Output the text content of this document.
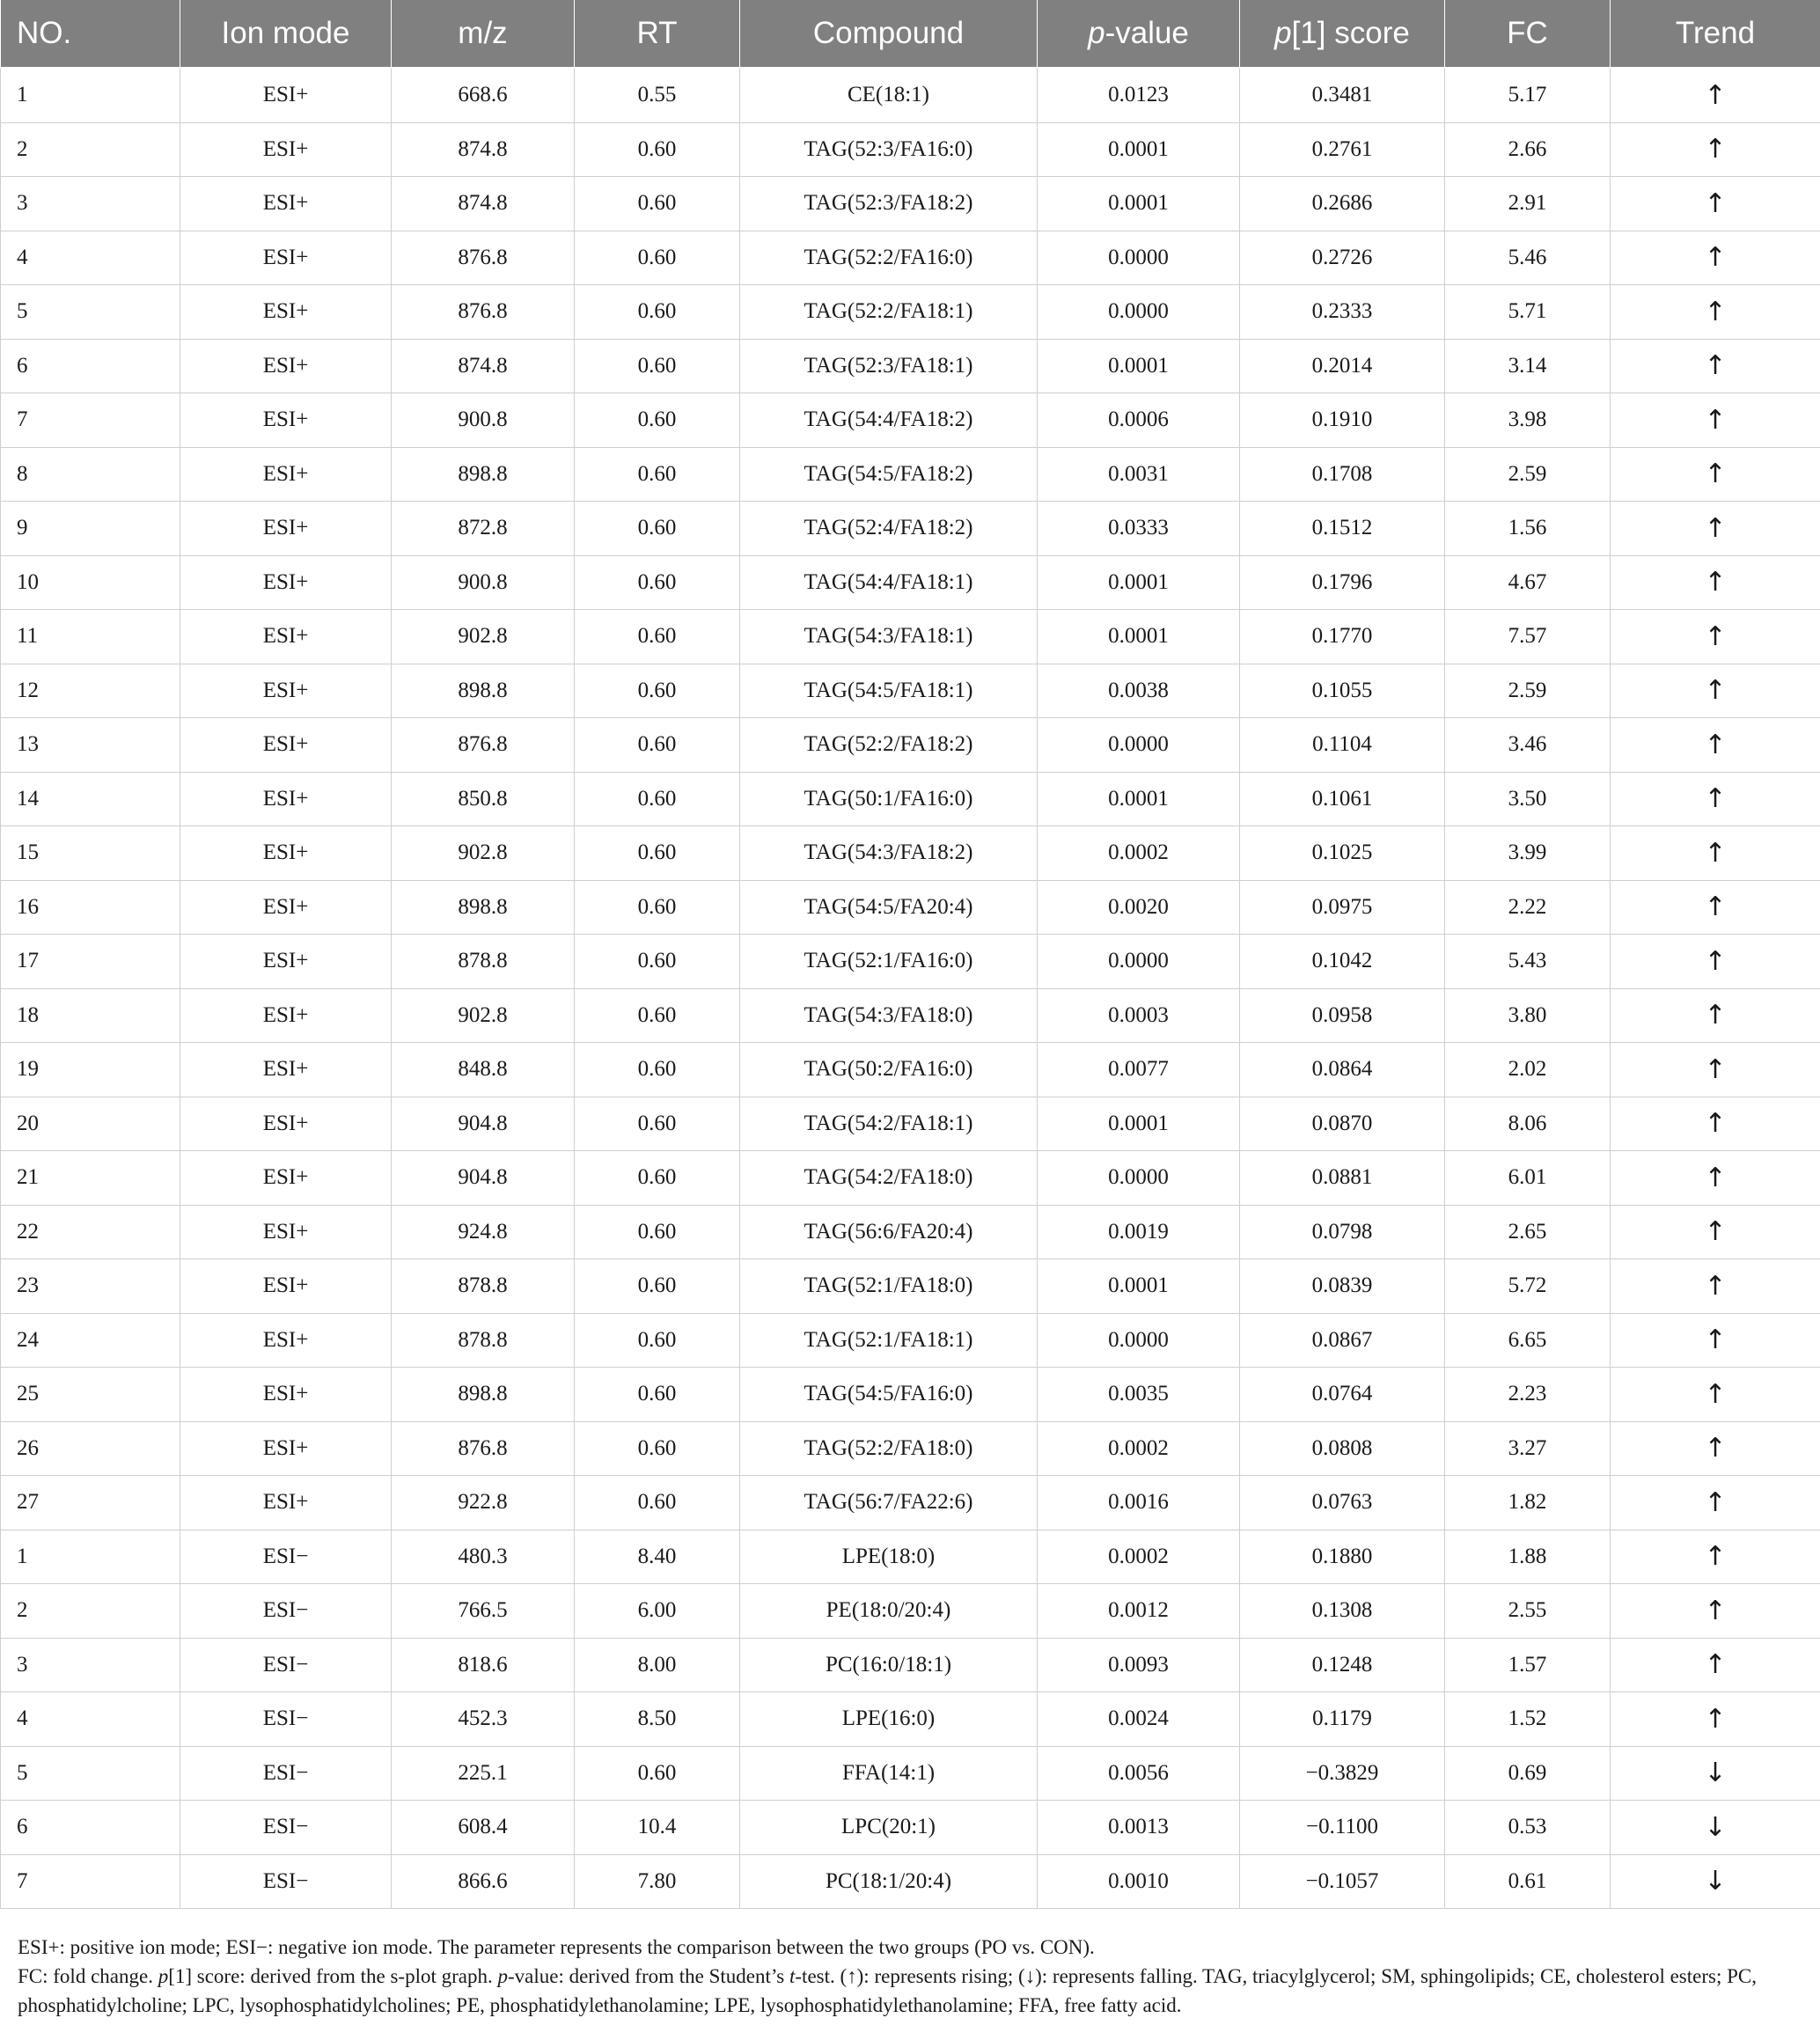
NO.	Ion mode	m/z	RT	Compound	p-value	p[1] score	FC	Trend
1	ESI+	668.6	0.55	CE(18:1)	0.0123	0.3481	5.17	↑
2	ESI+	874.8	0.60	TAG(52:3/FA16:0)	0.0001	0.2761	2.66	↑
3	ESI+	874.8	0.60	TAG(52:3/FA18:2)	0.0001	0.2686	2.91	↑
4	ESI+	876.8	0.60	TAG(52:2/FA16:0)	0.0000	0.2726	5.46	↑
5	ESI+	876.8	0.60	TAG(52:2/FA18:1)	0.0000	0.2333	5.71	↑
6	ESI+	874.8	0.60	TAG(52:3/FA18:1)	0.0001	0.2014	3.14	↑
7	ESI+	900.8	0.60	TAG(54:4/FA18:2)	0.0006	0.1910	3.98	↑
8	ESI+	898.8	0.60	TAG(54:5/FA18:2)	0.0031	0.1708	2.59	↑
9	ESI+	872.8	0.60	TAG(52:4/FA18:2)	0.0333	0.1512	1.56	↑
10	ESI+	900.8	0.60	TAG(54:4/FA18:1)	0.0001	0.1796	4.67	↑
11	ESI+	902.8	0.60	TAG(54:3/FA18:1)	0.0001	0.1770	7.57	↑
12	ESI+	898.8	0.60	TAG(54:5/FA18:1)	0.0038	0.1055	2.59	↑
13	ESI+	876.8	0.60	TAG(52:2/FA18:2)	0.0000	0.1104	3.46	↑
14	ESI+	850.8	0.60	TAG(50:1/FA16:0)	0.0001	0.1061	3.50	↑
15	ESI+	902.8	0.60	TAG(54:3/FA18:2)	0.0002	0.1025	3.99	↑
16	ESI+	898.8	0.60	TAG(54:5/FA20:4)	0.0020	0.0975	2.22	↑
17	ESI+	878.8	0.60	TAG(52:1/FA16:0)	0.0000	0.1042	5.43	↑
18	ESI+	902.8	0.60	TAG(54:3/FA18:0)	0.0003	0.0958	3.80	↑
19	ESI+	848.8	0.60	TAG(50:2/FA16:0)	0.0077	0.0864	2.02	↑
20	ESI+	904.8	0.60	TAG(54:2/FA18:1)	0.0001	0.0870	8.06	↑
21	ESI+	904.8	0.60	TAG(54:2/FA18:0)	0.0000	0.0881	6.01	↑
22	ESI+	924.8	0.60	TAG(56:6/FA20:4)	0.0019	0.0798	2.65	↑
23	ESI+	878.8	0.60	TAG(52:1/FA18:0)	0.0001	0.0839	5.72	↑
24	ESI+	878.8	0.60	TAG(52:1/FA18:1)	0.0000	0.0867	6.65	↑
25	ESI+	898.8	0.60	TAG(54:5/FA16:0)	0.0035	0.0764	2.23	↑
26	ESI+	876.8	0.60	TAG(52:2/FA18:0)	0.0002	0.0808	3.27	↑
27	ESI+	922.8	0.60	TAG(56:7/FA22:6)	0.0016	0.0763	1.82	↑
1	ESI−	480.3	8.40	LPE(18:0)	0.0002	0.1880	1.88	↑
2	ESI−	766.5	6.00	PE(18:0/20:4)	0.0012	0.1308	2.55	↑
3	ESI−	818.6	8.00	PC(16:0/18:1)	0.0093	0.1248	1.57	↑
4	ESI−	452.3	8.50	LPE(16:0)	0.0024	0.1179	1.52	↑
5	ESI−	225.1	0.60	FFA(14:1)	0.0056	−0.3829	0.69	↓
6	ESI−	608.4	10.4	LPC(20:1)	0.0013	−0.1100	0.53	↓
7	ESI−	866.6	7.80	PC(18:1/20:4)	0.0010	−0.1057	0.61	↓

ESI+: positive ion mode; ESI−: negative ion mode. The parameter represents the comparison between the two groups (PO vs. CON).

FC: fold change. p[1] score: derived from the s-plot graph. p-value: derived from the Student’s t-test. (↑): represents rising; (↓): represents falling. TAG, triacylglycerol; SM, sphingolipids; CE, cholesterol esters; PC, phosphatidylcholine; LPC, lysophosphatidylcholines; PE, phosphatidylethanolamine; LPE, lysophosphatidylethanolamine; FFA, free fatty acid.
